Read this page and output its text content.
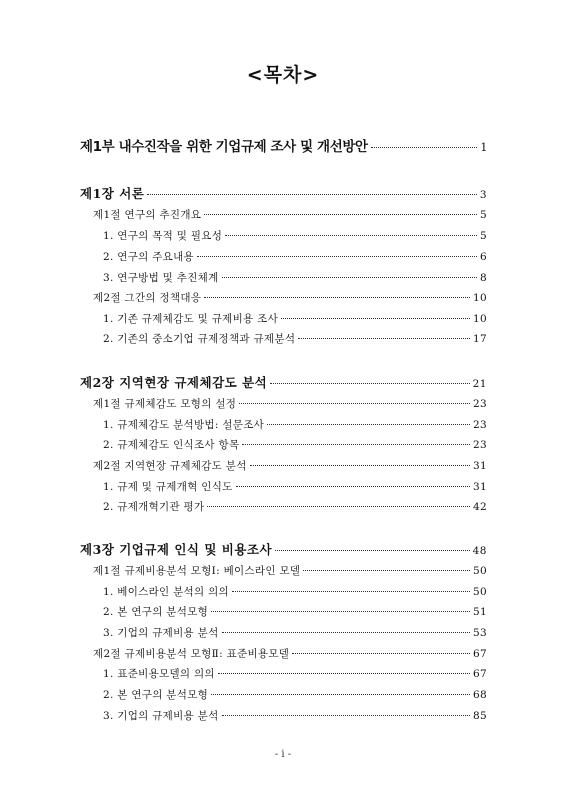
<목차>
제1부 내수진작을 위한 기업규제 조사 및 개선방안	1
제1장 서론	3
제1절 연구의 추진개요	5
1. 연구의 목적 및 필요성	5
2. 연구의 주요내용	6
3. 연구방법 및 추진체계	8
제2절 그간의 정책대응	10
1. 기존 규제체감도 및 규제비용 조사	10
2. 기존의 중소기업 규제정책과 규제분석	17
제2장 지역현장 규제체감도 분석	21
제1절 규제체감도 모형의 설정	23
1. 규제체감도 분석방법: 설문조사	23
2. 규제체감도 인식조사 항목	23
제2절 지역현장 규제체감도 분석	31
1. 규제 및 규제개혁 인식도	31
2. 규제개혁기관 평가	42
제3장 기업규제 인식 및 비용조사	48
제1절 규제비용분석 모형Ⅰ: 베이스라인 모델	50
1. 베이스라인 분석의 의의	50
2. 본 연구의 분석모형	51
3. 기업의 규제비용 분석	53
제2절 규제비용분석 모형Ⅱ: 표준비용모델	67
1. 표준비용모델의 의의	67
2. 본 연구의 분석모형	68
3. 기업의 규제비용 분석	85
- i -
